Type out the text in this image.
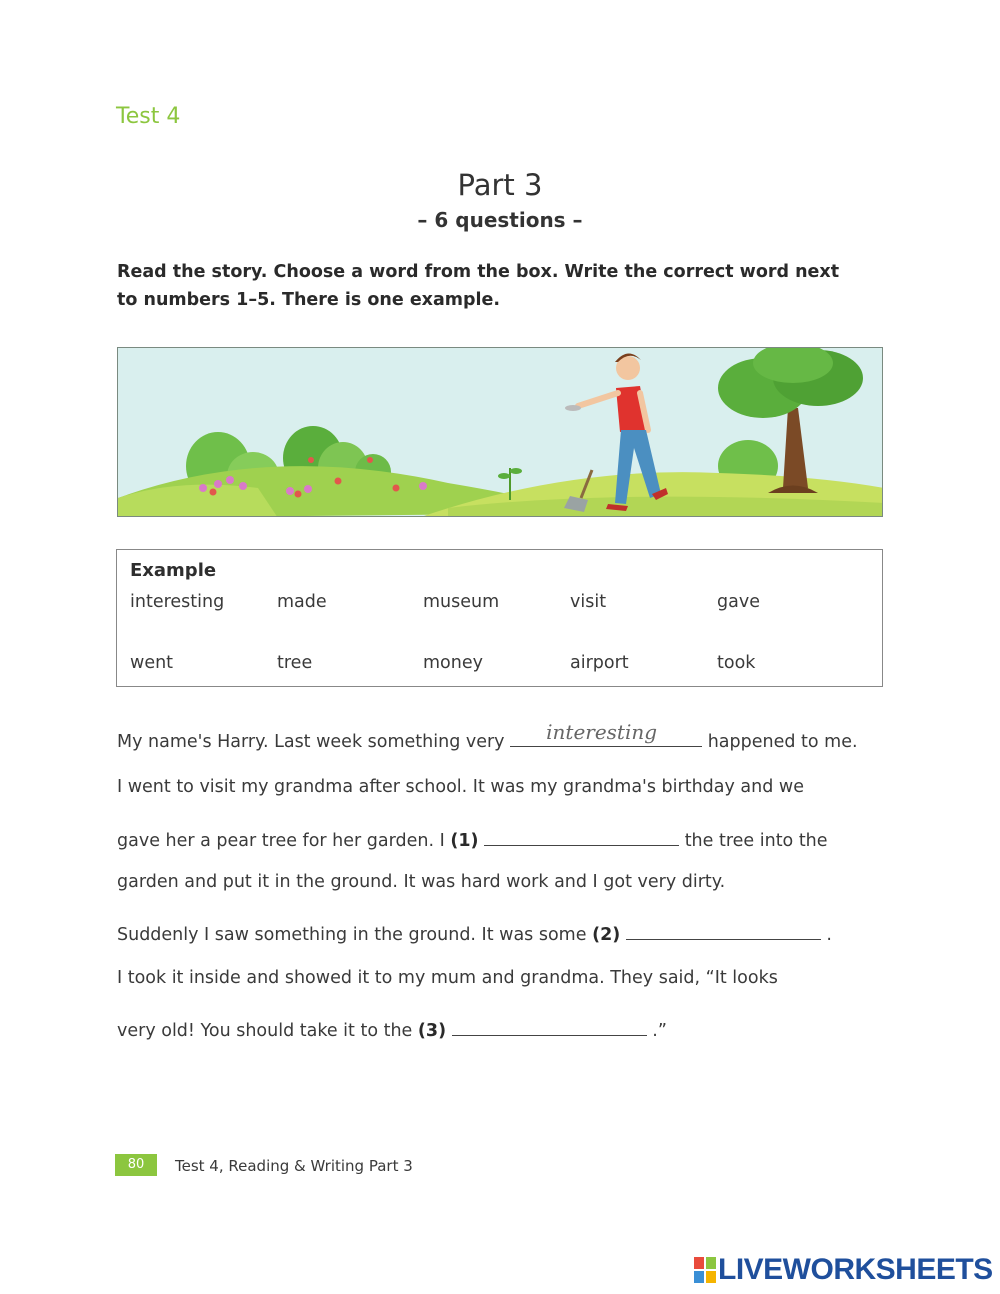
Test 4
Part 3
– 6 questions –
Read the story. Choose a word from the box. Write the correct word next
to numbers 1–5. There is one example.
Example
interesting	made	museum	visit	gave
went	tree	money	airport	took
My name's Harry. Last week something very interesting	happened to me.
I went to visit my grandma after school. It was my grandma's birthday and we
gave her a pear tree for her garden. I (1)	the tree into the
garden and put it in the ground. It was hard work and I got very dirty.
Suddenly I saw something in the ground. It was some (2)	.
I took it inside and showed it to my mum and grandma. They said, “It looks
very old! You should take it to the (3)	.”
80	Test 4, Reading & Writing Part 3
LIVEWORKSHEETS
